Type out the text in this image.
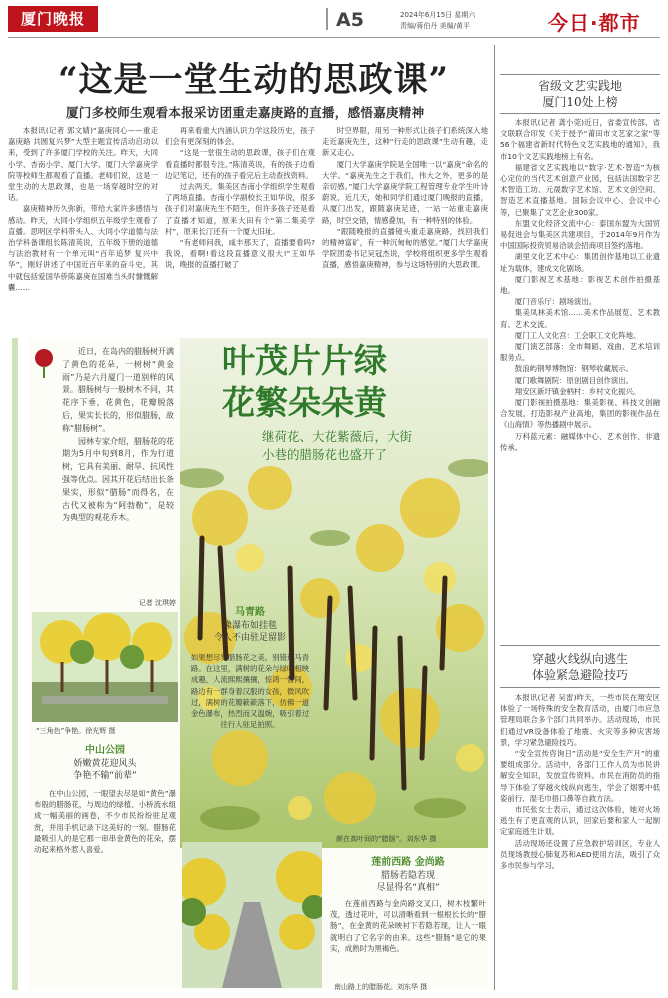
厦门晚报	A5	2024年6月15日 星期六
责编/蒋伯丹 美编/黄平	今日·都市
“这是一堂生动的思政课”
厦门多校师生观看本报采访团重走嘉庚路的直播，感悟嘉庚精神

本报讯(记者 郭文婧)“嘉庚同心——重走嘉庚路 共圆复兴梦”大型主题宣传活动启动以来，受到了许多厦门学校的关注。昨天，大同小学、杏南小学、厦门大学、厦门大学嘉庚学院等校师生都观看了直播。老师们说，这是一堂生动的大思政课，也是一场穿越时空的对话。

嘉庚精神历久弥新，带给大家许多感悟与感动。昨天，大同小学组织五年级学生观看了直播。思明区学科带头人、大同小学道德与法治学科备课组长陈清英说，五年级下册的道德与法治教材有一个单元叫“百年追梦 复兴中华”，刚好讲述了中国近百年来的奋斗史，其中就包括爱国华侨陈嘉庚在国难当头时慷慨解囊……

再来看重大内涵认识力学这段历史，孩子们会有更深刻的体会。

“这是一堂很生动的思政课，孩子们在观看直播时都很专注。”陈清英说，有的孩子边看边记笔记，还有的孩子看完后主动查找资料。

过去两天，集美区杏南小学组织学生观看了两场直播。杏南小学副校长王如华说，很多孩子们对嘉庚先生不陌生，但许多孩子还是看了直播才知道，原来大田有个“第二集美学村”，原来长汀还有一个厦大旧址。

“有老师问我，咸丰那天了，直播要看吗?我说，看啊!看这段直播意义很大!”王如华说，晚报的直播打破了

时空界限，用另一种形式让孩子们系统深入地走近嘉庚先生，这种“行走的思政课”生动有趣，走新又走心。

厦门大学嘉庚学院是全国唯一以“嘉庚”命名的大学。“嘉庚先生之于我们，伟大之外，更多的是亲切感。”厦门大学嘉庚学院工程管理专业学生叶诗蔚说，近几天，她和同学们通过厦门晚报的直播，从厦门出发，跟随嘉庚足迹，一站一站重走嘉庚路，时空交错，情感叠加，有一种特别的体验。

“跟随晚报的直播镜头重走嘉庚路，找回我们的精神富矿，有一种沉甸甸的感觉。”厦门大学嘉庚学院团委书记吴冠杰说，学校将组织更多学生观看直播，感悟嘉庚精神，参与这场特别的大思政课。

省级文艺实践地
厦门10处上榜

本报讯(记者 龚小莞)近日，省委宣传部、省文联联合印发《关于授予“莆田市文艺家之家”等56个福建省新时代特色文艺实践地的通知》，我市10个文艺实践地榜上有名。

福建省文艺实践地以“数字·艺术·智造”为核心定位的当代艺术创意产业园，包括法国数字艺术智造工坊、元晟数字艺术馆、艺术文创空间、智造艺术直播基地、国际会议中心、会议中心等，已聚集了文艺企业300家。

东盟文化经济交流中心：泰国东盟为大国贸易促进会与集美区共建项目，于2014年9月作为中国国际投资贸易洽谈会招商项目签约落地。

湖里文化艺术中心：集团创作基地以工业遗址为载体，建成文化剧场。

厦门影视艺术基地：影视艺术创作拍摄基地。

厦门音乐厅：剧场演出。

集美凤林美术馆……美术作品展览、艺术教育、艺术交流。

厦门工人文化宫：工会职工文化阵地。

厦门演艺部落：全市舞蹈、戏曲、艺术培训服务点。

鼓浪屿钢琴博物馆：钢琴收藏展示。

厦门歌舞剧院：原创剧目创作演出。

翔安区新圩镇金柄村：乡村文化振兴。

厦门影视拍摄基地：集美影视、科技文创融合发展，打造影视产业高地，集团的影视作品在《山海情》等热播剧中展示。

万科蓝元素：融媒体中心、艺术创作、非遗传承。

穿越火线纵向逃生
体验紧急避险技巧

本报讯(记者 吴雷)昨天，一些市民在翔安区体验了一场特殊的安全教育活动，由厦门市应急管理局联合多个部门共同举办。活动现场，市民们通过VR设备体验了地震、火灾等多种灾害场景，学习紧急避险技巧。

“安全宣传咨询日”活动是“安全生产月”的重要组成部分。活动中，各部门工作人员为市民讲解安全知识，发放宣传资料。市民在消防员的指导下体验了穿越火线纵向逃生，学会了烟雾中低姿前行、湿毛巾捂口鼻等自救方法。

市民张女士表示，通过这次体验，她对火场逃生有了更直观的认识，回家后要和家人一起制定家庭逃生计划。

活动现场还设置了应急救护培训区，专业人员现场教授心肺复苏和AED使用方法，吸引了众多市民参与学习。

叶茂片片绿
花繁朵朵黄
继荷花、大花紫薇后，大街
小巷的腊肠花也盛开了

近日，在岛内的腊肠树开满了黄色的花朵，一树树“黄金雨”乃是六月厦门一道别样的风景。腊肠树与一般树木不同，其花序下垂，花黄色，花瓣脱落后，果实长长的，形似腊肠，故称“腊肠树”。

园林专家介绍，腊肠花的花期为5月中旬到8月，作为行道树，它具有美丽、耐旱、抗风性强等优点。因其开花后结出长条果实，形似“腊肠”而得名，在古代又被称为“阿勃勒”，是较为典型的观花乔木。

记者 沈琪婷
“三角色”争艳。徐光辉 摄
马青路
像瀑布如挂毯
令人不由驻足留影

如果想尽览腊肠花之美，别错过马青路。在这里，满树的花朵与绿叶相映成趣，人流熙熙攘攘，惊鸿一瞥间，路边有一群身着汉服的女孩，微风吹过，满树的花瓣簌簌落下，仿佛一道金色瀑布，热烈而又温婉，吸引着过往行人驻足拍照。

颜在高叶间的“腊肠”。刘东华 摄
中山公园
娇嫩黄花迎风头
争艳不输“前辈”

在中山公园，一眼望去尽是如“黄色”瀑布般的腊肠花，与周边的绿植、小桥流水组成一幅美丽的画卷，不少市民纷纷驻足观赏，并用手机记录下这美好的一刻。腊肠花最吸引人的是它那一串串金黄色的花朵，摆动起来格外惹人喜爱。

南山路上的腊肠花。刘东华 摄
莲前西路 金尚路
腊肠若隐若现
尽显得名“真相”

在莲前西路与金尚路交叉口，树木枝繁叶茂，透过花叶，可以清晰看到一根根长长的“腊肠”，在金黄的花朵映衬下若隐若现，让人一眼就明白了它名字的由来。这些“腊肠”是它的果实，成熟时为黑褐色。
